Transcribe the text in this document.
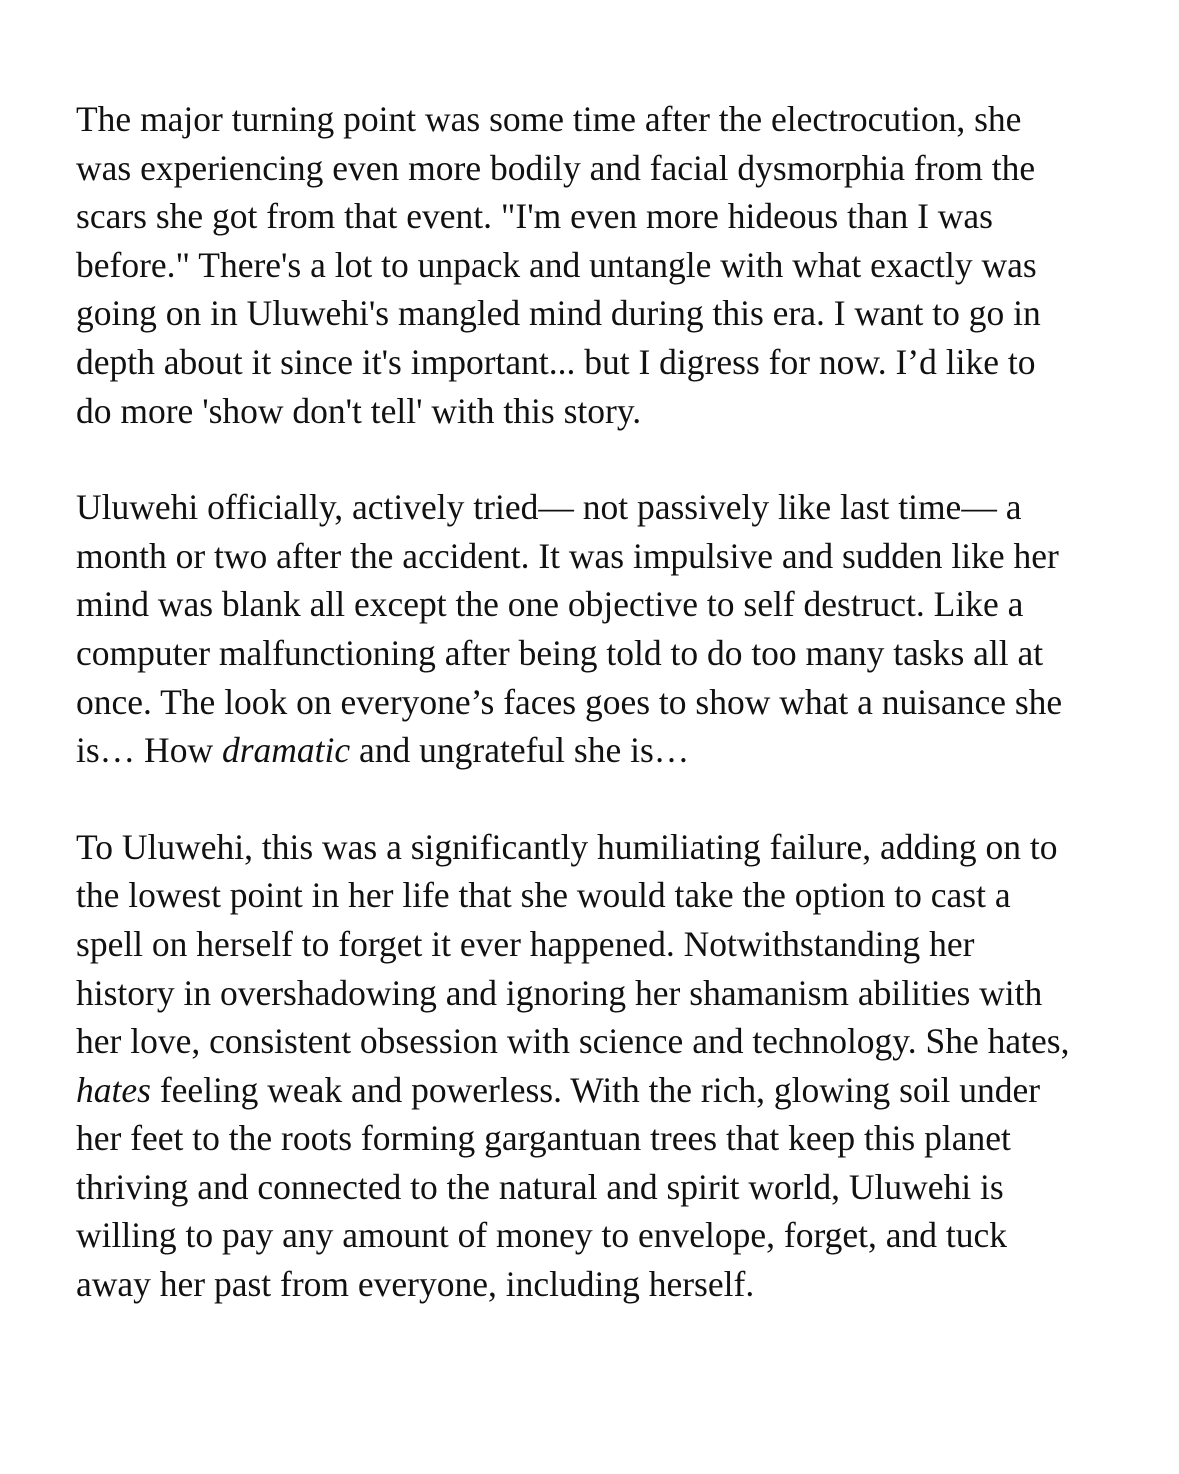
The major turning point was some time after the electrocution, she
was experiencing even more bodily and facial dysmorphia from the
scars she got from that event. "I'm even more hideous than I was
before." There's a lot to unpack and untangle with what exactly was
going on in Uluwehi's mangled mind during this era. I want to go in
depth about it since it's important... but I digress for now. I’d like to
do more 'show don't tell' with this story.
Uluwehi officially, actively tried— not passively like last time— a
month or two after the accident. It was impulsive and sudden like her
mind was blank all except the one objective to self destruct. Like a
computer malfunctioning after being told to do too many tasks all at
once. The look on everyone’s faces goes to show what a nuisance she
is… How dramatic and ungrateful she is…
To Uluwehi, this was a significantly humiliating failure, adding on to
the lowest point in her life that she would take the option to cast a
spell on herself to forget it ever happened. Notwithstanding her
history in overshadowing and ignoring her shamanism abilities with
her love, consistent obsession with science and technology. She hates,
hates feeling weak and powerless. With the rich, glowing soil under
her feet to the roots forming gargantuan trees that keep this planet
thriving and connected to the natural and spirit world, Uluwehi is
willing to pay any amount of money to envelope, forget, and tuck
away her past from everyone, including herself.
